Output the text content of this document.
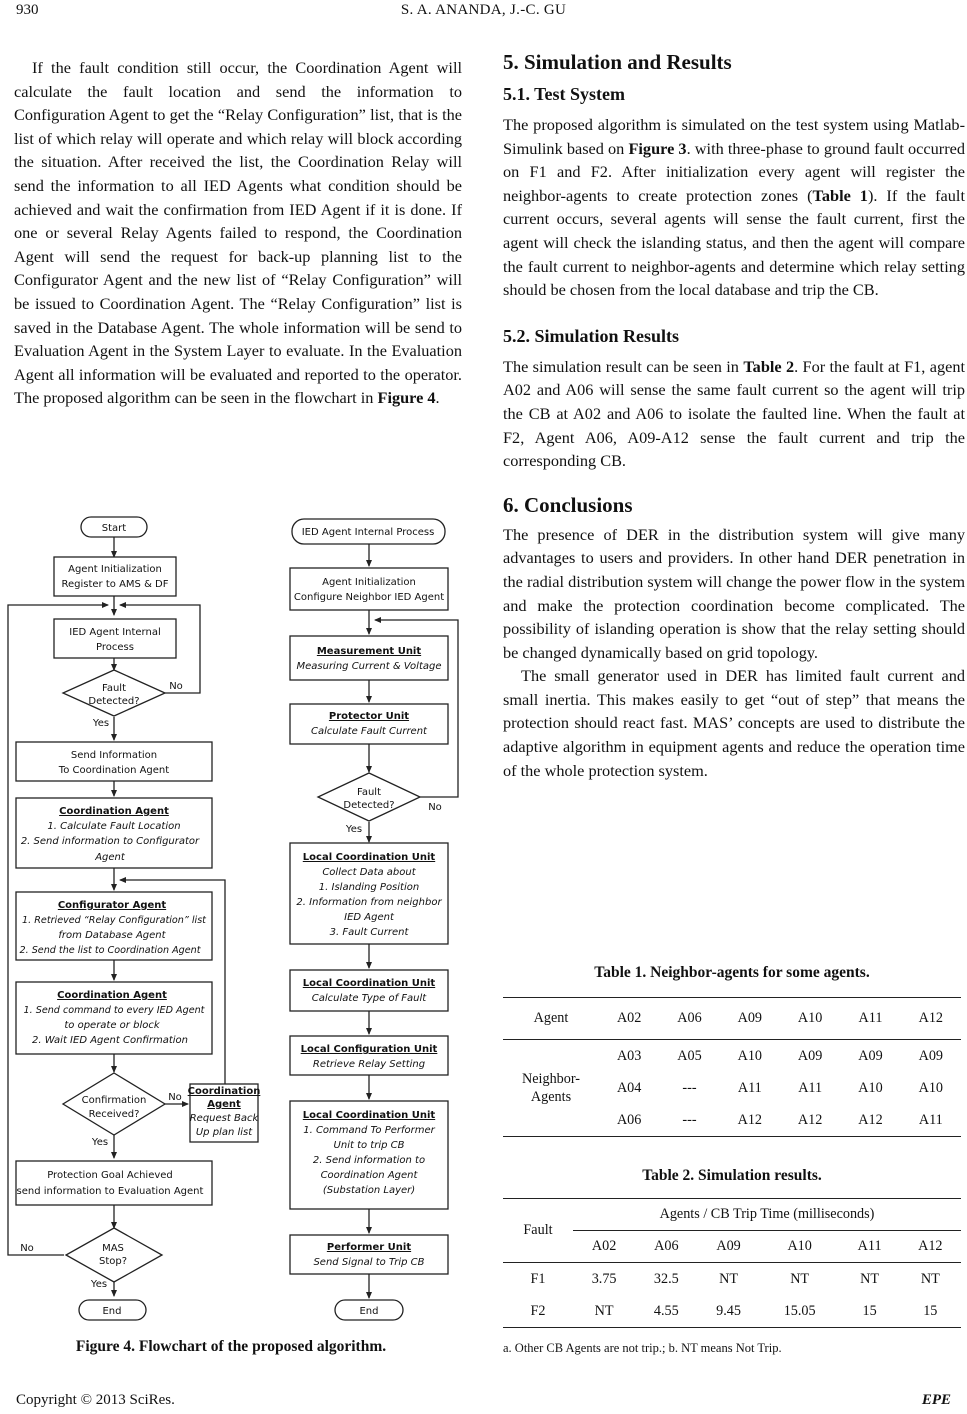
930	S. A. ANANDA, J.-C. GU

If the fault condition still occur, the Coordination Agent will calculate the fault location and send the information to Configuration Agent to get the “Relay Configuration” list, that is the list of which relay will operate and which relay will block according the situation. After received the list, the Coordination Relay will send the information to all IED Agents what condition should be achieved and wait the confirmation from IED Agent if it is done. If one or several Relay Agents failed to respond, the Coordination Agent will send the request for back-up planning list to the Configurator Agent and the new list of “Relay Configuration” will be issued to Coordination Agent. The “Relay Configuration” list is saved in the Database Agent. The whole information will be send to Evaluation Agent in the System Layer to evaluate. In the Evaluation Agent all information will be evaluated and reported to the operator. The proposed algorithm can be seen in the flowchart in Figure 4.

Start
Agent Initialization
Register to AMS & DF
IED Agent Internal
Process
Fault
Detected?
No
Yes
Send Information
To Coordination Agent
Coordination Agent
1. Calculate Fault Location
2. Send information to Configurator
Agent
Configurator Agent
1. Retrieved “Relay Configuration” list
from Database Agent
2. Send the list to Coordination Agent
Coordination Agent
1. Send command to every IED Agent
to operate or block
2. Wait IED Agent Confirmation
Confirmation
Received?
No
Yes
Coordination
Agent
Request Back
Up plan list
Protection Goal Achieved
send information to Evaluation Agent
MAS
Stop?
No
Yes
End
IED Agent Internal Process
Agent Initialization
Configure Neighbor IED Agent
Measurement Unit
Measuring Current & Voltage
Protector Unit
Calculate Fault Current
Fault
Detected?	No
Yes
Local Coordination Unit
Collect Data about
1. Islanding Position
2. Information from neighbor
IED Agent
3. Fault Current
Local Coordination Unit
Calculate Type of Fault
Local Configuration Unit
Retrieve Relay Setting
Local Coordination Unit
1. Command To Performer
Unit to trip CB
2. Send information to
Coordination Agent
(Substation Layer)
Performer Unit
Send Signal to Trip CB
End
Figure 4. Flowchart of the proposed algorithm.
5. Simulation and Results
5.1. Test System

The proposed algorithm is simulated on the test system using Matlab-Simulink based on Figure 3. with three-phase to ground fault occurred on F1 and F2. After initialization every agent will register the neighbor-agents to create protection zones (Table 1). If the fault current occurs, several agents will sense the fault current, first the agent will check the islanding status, and then the agent will compare the fault current to neighbor-agents and determine which relay setting should be chosen from the local database and trip the CB.

5.2. Simulation Results

The simulation result can be seen in Table 2. For the fault at F1, agent A02 and A06 will sense the same fault current so the agent will trip the CB at A02 and A06 to isolate the faulted line. When the fault at F2, Agent A06, A09-A12 sense the fault current and trip the corresponding CB.

6. Conclusions

The presence of DER in the distribution system will give many advantages to users and providers. In other hand DER penetration in the radial distribution system will change the power flow in the system and make the protection coordination become complicated. The possibility of islanding operation is show that the relay setting should be changed dynamically based on grid topology.

The small generator used in DER has limited fault current and small inertia. This makes easily to get “out of step” that means the protection should react fast. MAS’ concepts are used to distribute the adaptive algorithm in equipment agents and reduce the operation time of the whole protection system.

Table 1. Neighbor-agents for some agents.
Agent	A02	A06	A09	A10	A11	A12
Neighbor-Agents	A03	A05	A10	A09	A09	A09
	A04	---	A11	A11	A10	A10
	A06	---	A12	A12	A12	A11
Table 2. Simulation results.
Fault	Agents / CB Trip Time (milliseconds)					
	A02	A06	A09	A10	A11	A12
F1	3.75	32.5	NT	NT	NT	NT
F2	NT	4.55	9.45	15.05	15	15
a. Other CB Agents are not trip.; b. NT means Not Trip.
Copyright © 2013 SciRes.	EPE
